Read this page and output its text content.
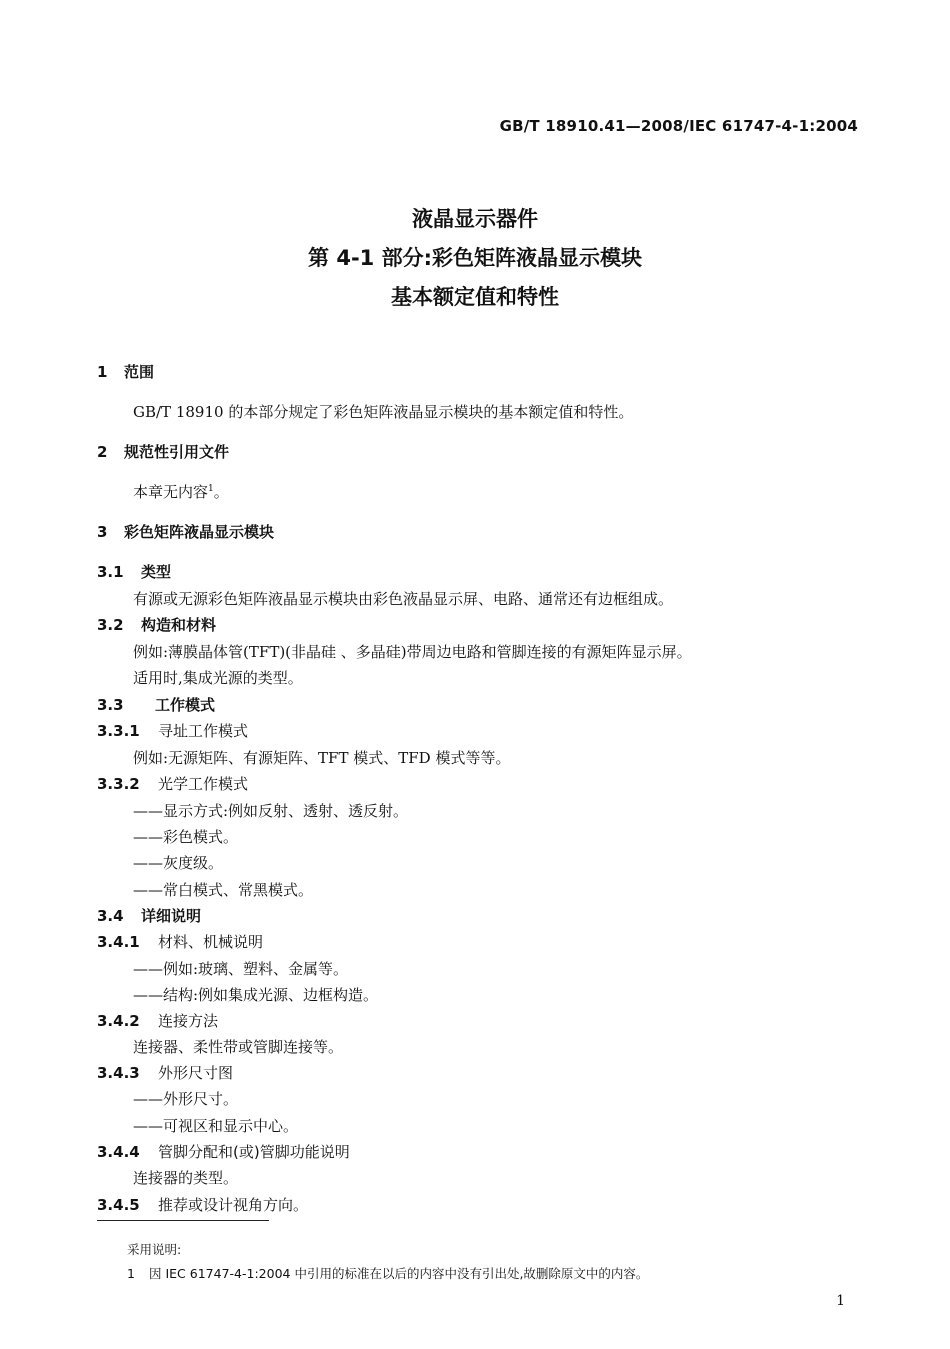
GB/T 18910.41—2008/IEC 61747-4-1:2004
液晶显示器件
第 4-1 部分:彩色矩阵液晶显示模块
基本额定值和特性
1 范围
GB/T 18910 的本部分规定了彩色矩阵液晶显示模块的基本额定值和特性。
2 规范性引用文件
本章无内容$^1$。
3 彩色矩阵液晶显示模块
3.1 类型
有源或无源彩色矩阵液晶显示模块由彩色液晶显示屏、电路、通常还有边框组成。
3.2 构造和材料
例如:薄膜晶体管(TFT)(非晶硅 、多晶硅)带周边电路和管脚连接的有源矩阵显示屏。
适用时,集成光源的类型。
3.3 工作模式
3.3.1 寻址工作模式
例如:无源矩阵、有源矩阵、TFT 模式、TFD 模式等等。
3.3.2 光学工作模式
——显示方式:例如反射、透射、透反射。
——彩色模式。
——灰度级。
——常白模式、常黑模式。
3.4 详细说明
3.4.1 材料、机械说明
——例如:玻璃、塑料、金属等。
——结构:例如集成光源、边框构造。
3.4.2 连接方法
连接器、柔性带或管脚连接等。
3.4.3 外形尺寸图
——外形尺寸。
——可视区和显示中心。
3.4.4 管脚分配和(或)管脚功能说明
连接器的类型。
3.4.5 推荐或设计视角方向。
采用说明:
1 因 IEC 61747-4-1:2004 中引用的标准在以后的内容中没有引出处,故删除原文中的内容。
1
